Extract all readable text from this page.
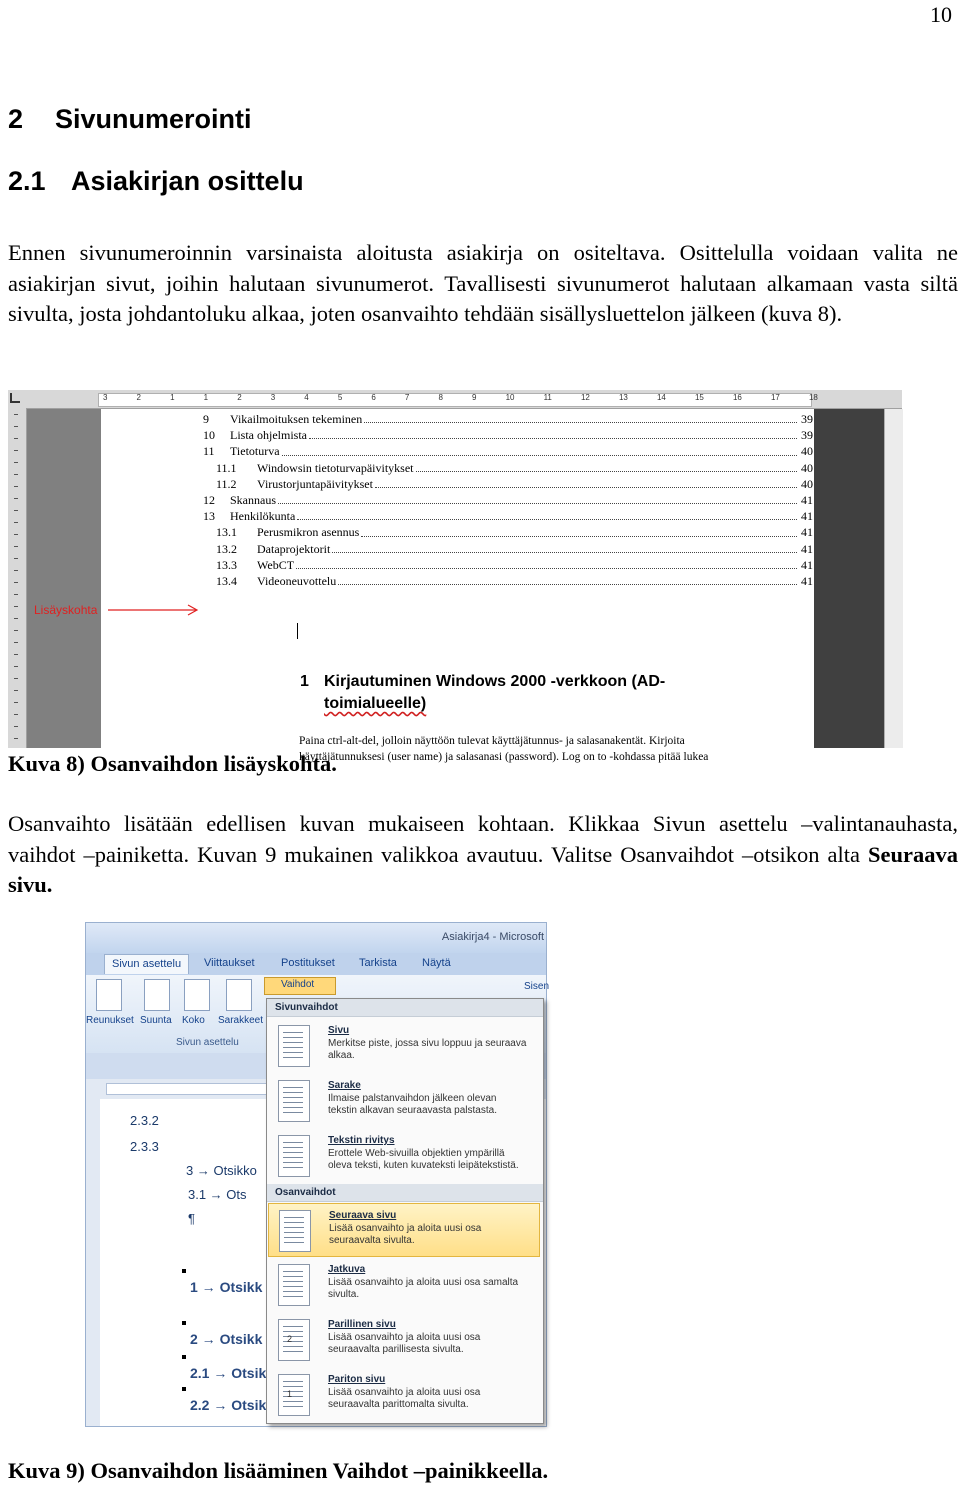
10
2 Sivunumerointi
2.1 Asiakirjan osittelu
Ennen sivunumeroinnin varsinaista aloitusta asiakirja on ositeltava. Osittelulla voidaan valita ne asiakirjan sivut, joihin halutaan sivunumerot. Tavallisesti sivunumerot halutaan alkamaan vasta siltä sivulta, josta johdantoluku alkaa, joten osanvaihto tehdään sisällysluettelon jälkeen (kuva 8).
3	2	1	1	2	3	4	5	6	7	8	9	10	11	12	13	14	15	16	17	18
9	Vikailmoituksen tekeminen	39
10	Lista ohjelmista	39
11	Tietoturva	40
11.1	Windowsin tietoturvapäivitykset	40
11.2	Virustorjuntapäivitykset	40
12	Skannaus	41
13	Henkilökunta	41
13.1	Perusmikron asennus	41
13.2	Dataprojektorit	41
13.3	WebCT	41
13.4	Videoneuvottelu	41
1 Kirjautuminen Windows 2000 -verkkoon (AD-
toimialueelle)
Paina ctrl-alt-del, jolloin näyttöön tulevat käyttäjätunnus- ja salasanakentät. Kirjoita
käyttäjätunnuksesi (user name) ja salasanasi (password). Log on to -kohdassa pitää lukea
Lisäyskohta
Kuva 8) Osanvaihdon lisäyskohta.
Osanvaihto lisätään edellisen kuvan mukaiseen kohtaan. Klikkaa Sivun asettelu –valintanauhasta, vaihdot –painiketta. Kuvan 9 mukainen valikkoa avautuu. Valitse Osanvaihdot –otsikon alta Seuraava sivu.
Asiakirja4 - Microsoft
Sivun asettelu	Viittaukset Postitukset Tarkista Näytä
Reunukset Suunta Koko Sarakkeet
Sivun asettelu
Vaihdot	Sisen
2.3.2
2.3.3
3 → Otsikko
3.1 → Ots
¶
1 → Otsikk
2 → Otsikk
2.1 → Otsik
2.2 → Otsik
Sivunvaihdot
Sivu
Merkitse piste, jossa sivu loppuu ja seuraava alkaa.
Sarake
Ilmaise palstanvaihdon jälkeen olevan tekstin alkavan seuraavasta palstasta.
Tekstin rivitys
Erottele Web-sivuilla objektien ympärillä oleva teksti, kuten kuvateksti leipätekstistä.
Osanvaihdot
Seuraava sivu
Lisää osanvaihto ja aloita uusi osa seuraavalta sivulta.
Jatkuva
Lisää osanvaihto ja aloita uusi osa samalta sivulta.
2
Parillinen sivu
Lisää osanvaihto ja aloita uusi osa seuraavalta parillisesta sivulta.
1
Pariton sivu
Lisää osanvaihto ja aloita uusi osa seuraavalta parittomalta sivulta.
Kuva 9) Osanvaihdon lisääminen Vaihdot –painikkeella.
